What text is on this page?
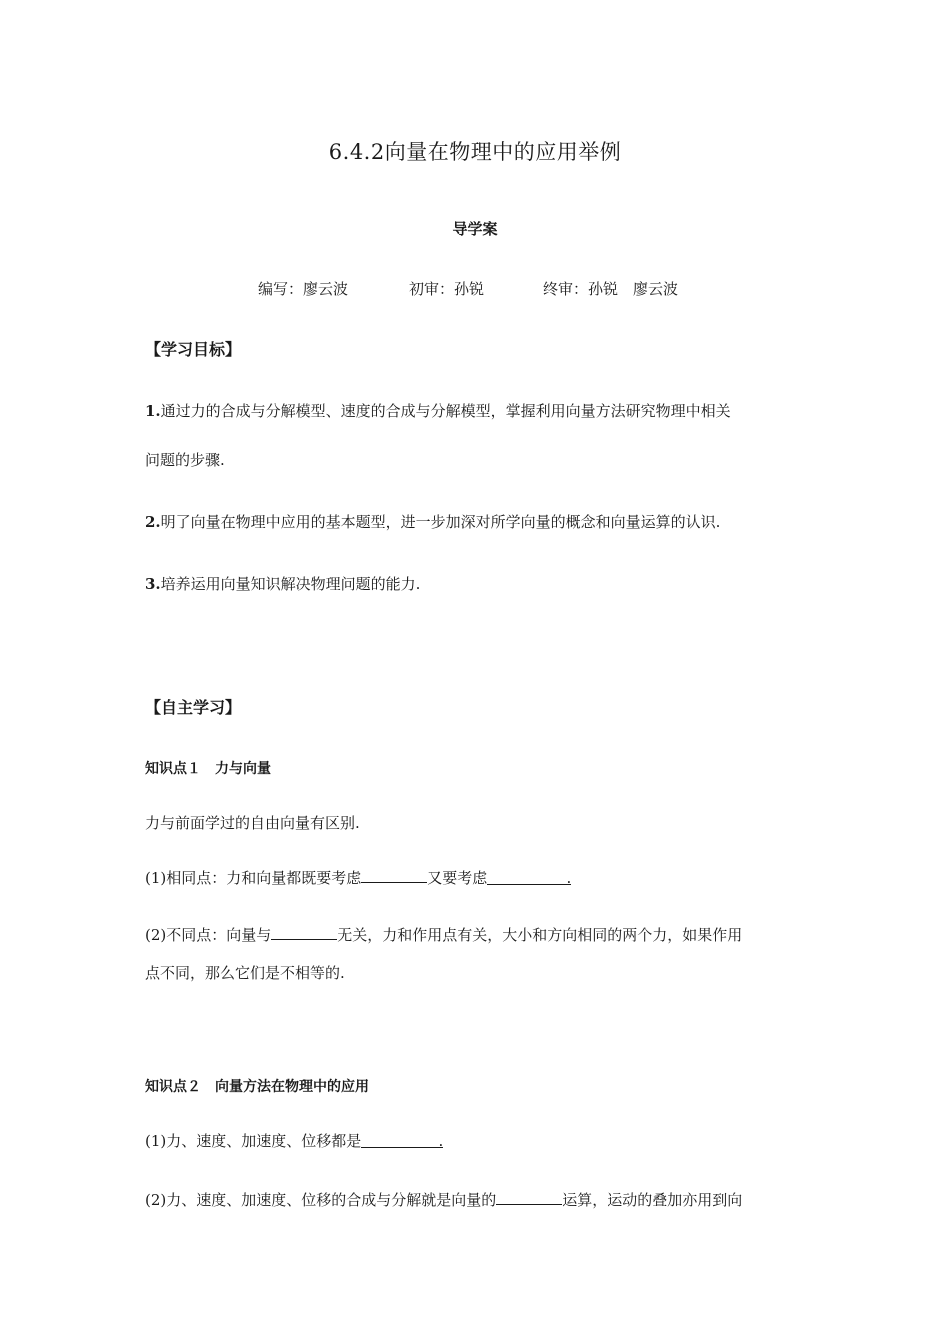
6.4.2向量在物理中的应用举例
导学案
编写：廖云波	初审：孙锐	终审：孙锐　廖云波
【学习目标】
1.通过力的合成与分解模型、速度的合成与分解模型，掌握利用向量方法研究物理中相关
问题的步骤.
2.明了向量在物理中应用的基本题型，进一步加深对所学向量的概念和向量运算的认识.
3.培养运用向量知识解决物理问题的能力.
【自主学习】
知识点１　力与向量
力与前面学过的自由向量有区别.
(1)相同点：力和向量都既要考虑	又要考虑	.　
(2)不同点：向量与	无关，力和作用点有关，大小和方向相同的两个力，如果作用
点不同，那么它们是不相等的.
知识点２　向量方法在物理中的应用
(1)力、速度、加速度、位移都是	.　
(2)力、速度、加速度、位移的合成与分解就是向量的	运算，运动的叠加亦用到向
